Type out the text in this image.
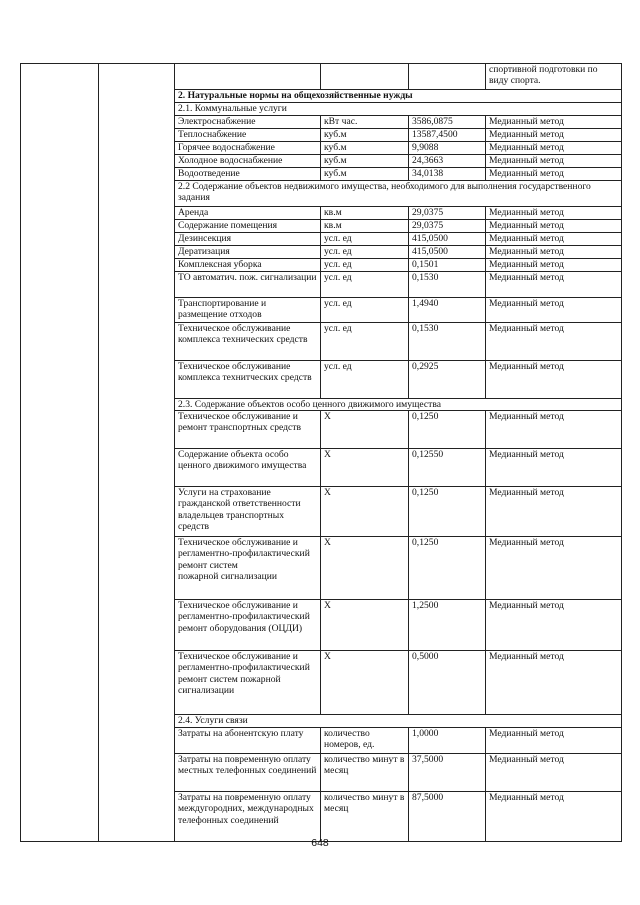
					спортивной подготовки по виду спорта.
		2. Натуральные нормы на общехозяйственные нужды			
		2.1. Коммунальные услуги			
		Электроснабжение	кВт час.	3586,0875	Медианный метод
		Теплоснабжение	куб.м	13587,4500	Медианный метод
		Горячее водоснабжение	куб.м	9,9088	Медианный метод
		Холодное водоснабжение	куб.м	24,3663	Медианный метод
		Водоотведение	куб.м	34,0138	Медианный метод
		2.2 Содержание объектов недвижимого имущества, необходимого для выполнения государственного задания			
		Аренда	кв.м	29,0375	Медианный метод
		Содержание помещения	кв.м	29,0375	Медианный метод
		Дезинсекция	усл. ед	415,0500	Медианный метод
		Дератизация	усл. ед	415,0500	Медианный метод
		Комплексная уборка	усл. ед	0,1501	Медианный метод
		ТО автоматич. пож. сигнализации	усл. ед	0,1530	Медианный метод
		Транспортирование и размещение отходов	усл. ед	1,4940	Медианный метод
		Техническое обслуживание комплекса технических средств	усл. ед	0,1530	Медианный метод
		Техническое обслуживание комплекса технитческих средств	усл. ед	0,2925	Медианный метод
		2.3. Содержание объектов особо ценного движимого имущества			
		Техническое обслуживание и ремонт транспортных средств	X	0,1250	Медианный метод
		Содержание объекта особо ценного движимого имущества	X	0,12550	Медианный метод
		Услуги на страхование гражданской ответственности владельцев транспортных средств	X	0,1250	Медианный метод
		Техническое обслуживание и регламентно-профилактический ремонт систем
пожарной сигнализации	X	0,1250	Медианный метод
		Техническое обслуживание и регламентно-профилактический ремонт оборудования (ОЦДИ)	X	1,2500	Медианный метод
		Техническое обслуживание и регламентно-профилактический ремонт систем пожарной сигнализации	X	0,5000	Медианный метод
		2.4. Услуги связи			
		Затраты на абонентскую плату	количество номеров, ед.	1,0000	Медианный метод
		Затраты на повременную оплату местных телефонных соединений	количество минут в месяц	37,5000	Медианный метод
		Затраты на повременную оплату междугородних, международных телефонных соединений	количество минут в месяц	87,5000	Медианный метод
648
